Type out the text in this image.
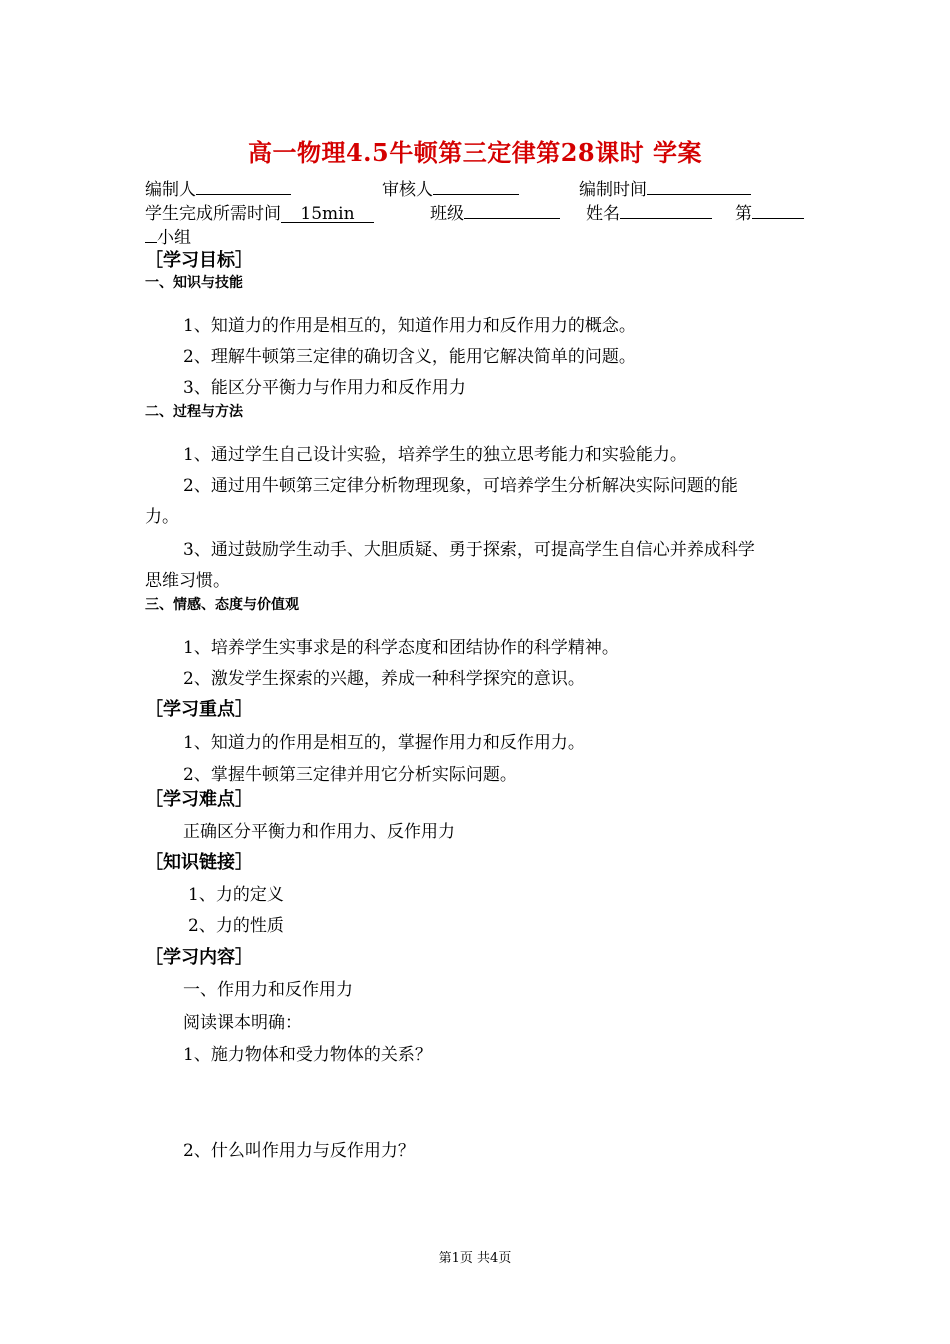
高一物理4.5牛顿第三定律第28课时 学案
编制人	审核人	编制时间
学生完成所需时间 15min	班级	姓名	第
小组
［学习目标］
一、知识与技能
1、知道力的作用是相互的，知道作用力和反作用力的概念。
2、理解牛顿第三定律的确切含义，能用它解决简单的问题。
3、能区分平衡力与作用力和反作用力
二、过程与方法
1、通过学生自己设计实验，培养学生的独立思考能力和实验能力。
2、通过用牛顿第三定律分析物理现象，可培养学生分析解决实际问题的能
力。
3、通过鼓励学生动手、大胆质疑、勇于探索，可提高学生自信心并养成科学
思维习惯。
三、情感、态度与价值观
1、培养学生实事求是的科学态度和团结协作的科学精神。
2、激发学生探索的兴趣，养成一种科学探究的意识。
［学习重点］
1、知道力的作用是相互的，掌握作用力和反作用力。
2、掌握牛顿第三定律并用它分析实际问题。
［学习难点］
正确区分平衡力和作用力、反作用力
［知识链接］
1、力的定义
2、力的性质
［学习内容］
一、作用力和反作用力
阅读课本明确：
1、施力物体和受力物体的关系？
2、什么叫作用力与反作用力？
第1页 共4页
